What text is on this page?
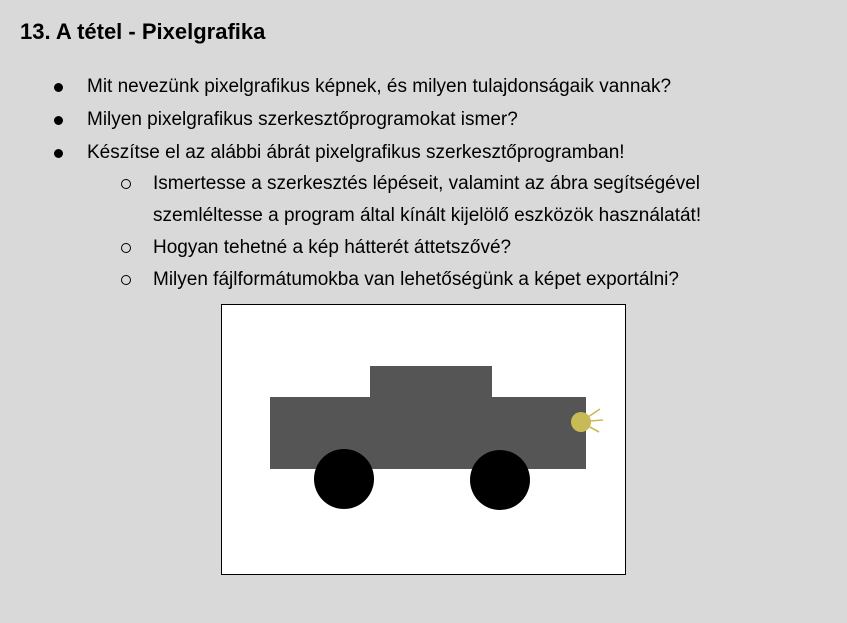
13. A tétel - Pixelgrafika
Mit nevezünk pixelgrafikus képnek, és milyen tulajdonságaik vannak?
Milyen pixelgrafikus szerkesztőprogramokat ismer?
Készítse el az alábbi ábrát pixelgrafikus szerkesztőprogramban!
Ismertesse a szerkesztés lépéseit, valamint az ábra segítségével
szemléltesse a program által kínált kijelölő eszközök használatát!
Hogyan tehetné a kép hátterét áttetszővé?
Milyen fájlformátumokba van lehetőségünk a képet exportálni?
